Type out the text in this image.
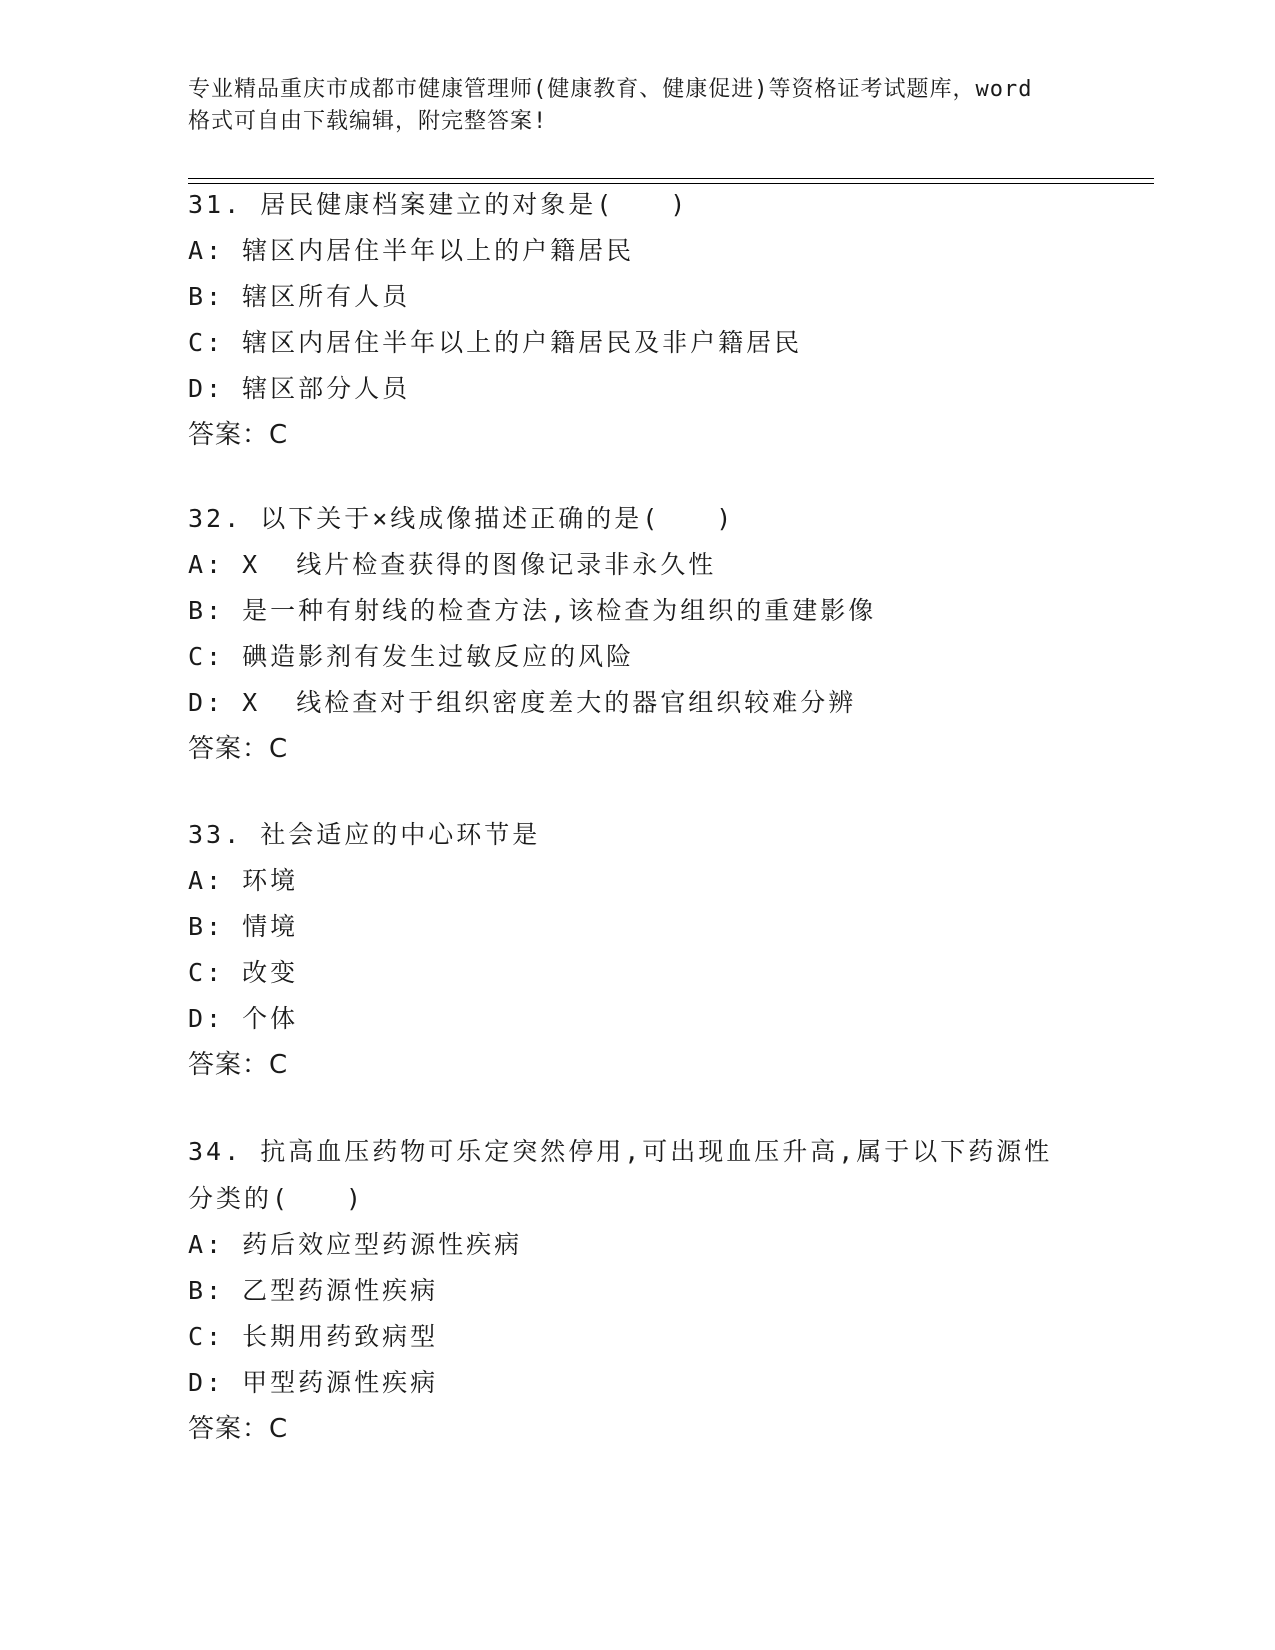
专业精品重庆市成都市健康管理师(健康教育、健康促进)等资格证考试题库，word
格式可自由下载编辑，附完整答案!
31. 居民健康档案建立的对象是(　　)
A: 辖区内居住半年以上的户籍居民
B: 辖区所有人员
C: 辖区内居住半年以上的户籍居民及非户籍居民
D: 辖区部分人员
答案：C
32. 以下关于×线成像描述正确的是(　　)
A: X  线片检查获得的图像记录非永久性
B: 是一种有射线的检查方法,该检查为组织的重建影像
C: 碘造影剂有发生过敏反应的风险
D: X  线检查对于组织密度差大的器官组织较难分辨
答案：C
33. 社会适应的中心环节是
A: 环境
B: 情境
C: 改变
D: 个体
答案：C
34. 抗高血压药物可乐定突然停用,可出现血压升高,属于以下药源性
分类的(　　)
A: 药后效应型药源性疾病
B: 乙型药源性疾病
C: 长期用药致病型
D: 甲型药源性疾病
答案：C
